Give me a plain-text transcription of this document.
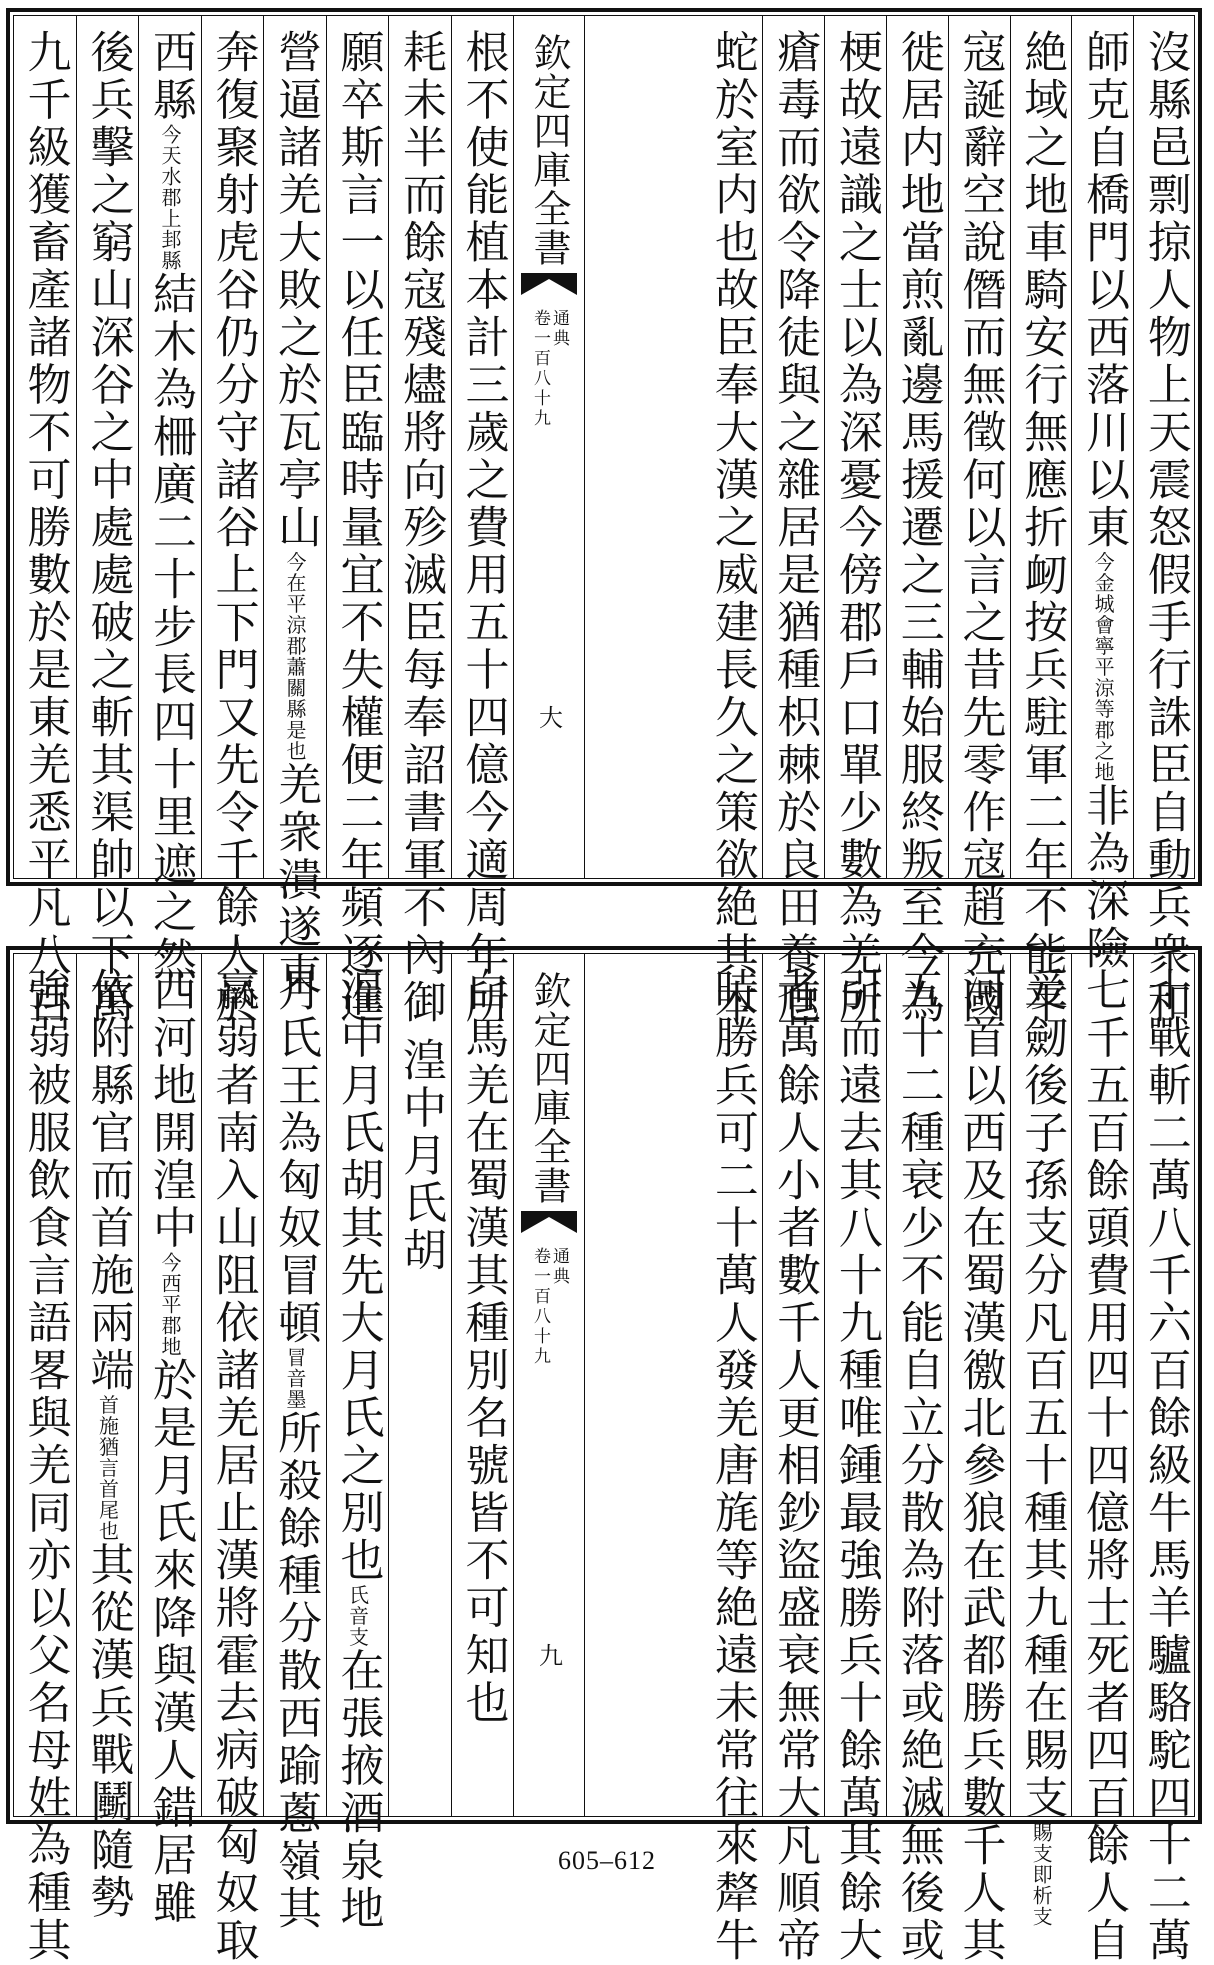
沒縣邑剽掠人物上天震怒假手行誅臣自動兵衆和
師克自橋門以西落川以東今金城會寧平涼等郡之地非為深險
絶域之地車騎安行無應折衂按兵駐軍二年不能平
寇誕辭空說僭而無徵何以言之昔先零作寇趙充國
徙居内地當煎亂邊馬援遷之三輔始服終叛至今為
梗故遠識之士以為深憂今傍郡戶口單少數為羌所
瘡毒而欲令降徒與之雜居是猶種枳棘於良田養虺
蛇於室内也故臣奉大漢之威建長久之策欲絶其本
欽定四庫全書
通典
卷一百八十九
大
根不使能植本計三歲之費用五十四億今適周年所
耗未半而餘寇殘燼將向殄滅臣每奉詔書軍不內御
願卒斯言一以任臣臨時量宜不失權便二年頻逐進
營逼諸羌大敗之於瓦亭山今在平涼郡蕭關縣是也羌衆潰遂東
奔復聚射虎谷仍分守諸谷上下門又先令千餘人於
西縣今天水郡上邽縣結木為柵廣二十步長四十里遮之然
後兵擊之窮山深谷之中處處破之斬其渠帥以下萬
九千級獲畜產諸物不可勝數於是東羌悉平凡八百
十戰斬二萬八千六百餘級牛馬羊驢駱駝四十二萬
七千五百餘頭費用四十四億將士死者四百餘人自
爰劒後子孫支分凡百五十種其九種在賜支賜支即析支
河首以西及在蜀漢徼北參狼在武都勝兵數千人其
五十二種衰少不能自立分散為附落或絶滅無後或
引而遠去其八十九種唯鍾最強勝兵十餘萬其餘大
者萬餘人小者數千人更相鈔盜盛衰無常大凡順帝
時勝兵可二十萬人發羌唐旄等絶遠未常往來犛牛
欽定四庫全書
通典
卷一百八十九
九
白馬羌在蜀漢其種別名號皆不可知也
湟中月氏胡
湟中月氏胡其先大月氏之別也氏音支在張掖酒泉地
月氏王為匈奴冒頓冒音墨所殺餘種分散西踰蔥嶺其
羸弱者南入山阻依諸羌居止漢將霍去病破匈奴取
西河地開湟中今西平郡地於是月氏來降與漢人錯居雖
依附縣官而首施兩端首施猶言首尾也其從漢兵戰鬭隨勢
強弱被服飲食言語畧與羌同亦以父名母姓為種其	605–612
